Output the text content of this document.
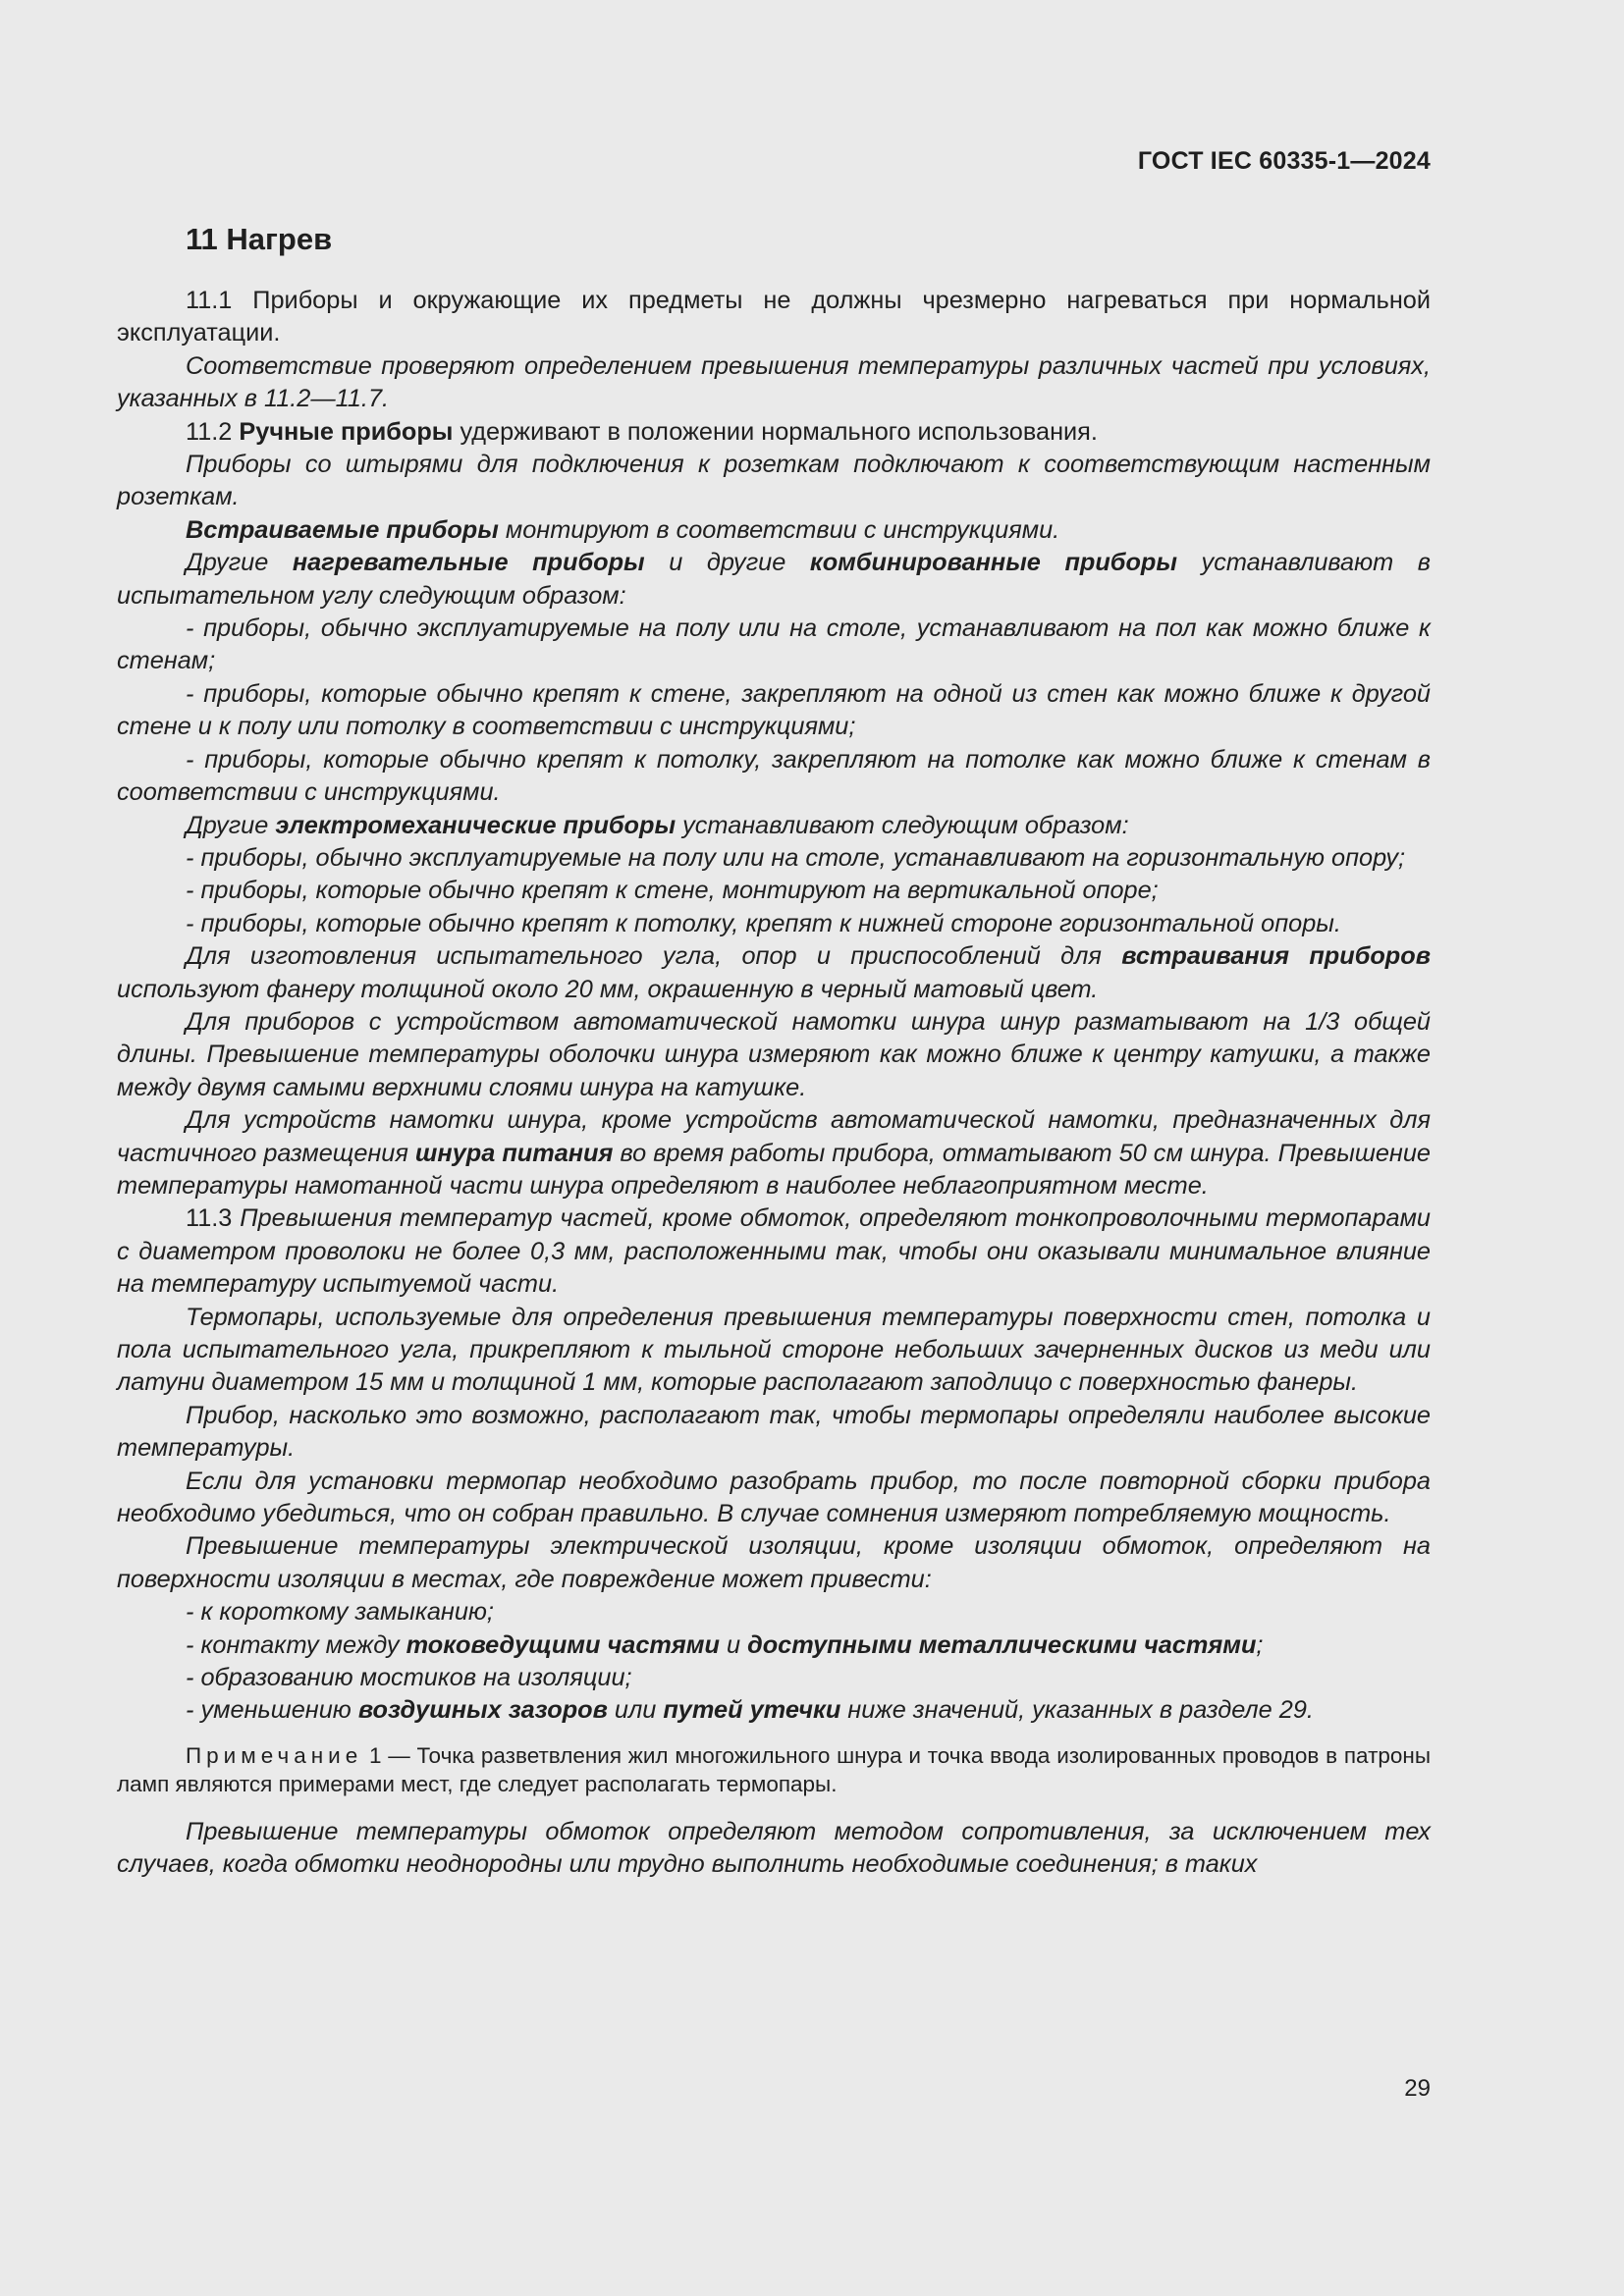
ГОСТ IEC 60335-1—2024
11 Нагрев

11.1 Приборы и окружающие их предметы не должны чрезмерно нагреваться при нормальной эксплуатации.

Соответствие проверяют определением превышения температуры различных частей при условиях, указанных в 11.2—11.7.

11.2 Ручные приборы удерживают в положении нормального использования.

Приборы со штырями для подключения к розеткам подключают к соответствующим настенным розеткам.

Встраиваемые приборы монтируют в соответствии с инструкциями.

Другие нагревательные приборы и другие комбинированные приборы устанавливают в испытательном углу следующим образом:

- приборы, обычно эксплуатируемые на полу или на столе, устанавливают на пол как можно ближе к стенам;

- приборы, которые обычно крепят к стене, закрепляют на одной из стен как можно ближе к другой стене и к полу или потолку в соответствии с инструкциями;

- приборы, которые обычно крепят к потолку, закрепляют на потолке как можно ближе к стенам в соответствии с инструкциями.

Другие электромеханические приборы устанавливают следующим образом:

- приборы, обычно эксплуатируемые на полу или на столе, устанавливают на горизонтальную опору;

- приборы, которые обычно крепят к стене, монтируют на вертикальной опоре;

- приборы, которые обычно крепят к потолку, крепят к нижней стороне горизонтальной опоры.

Для изготовления испытательного угла, опор и приспособлений для встраивания приборов используют фанеру толщиной около 20 мм, окрашенную в черный матовый цвет.

Для приборов с устройством автоматической намотки шнура шнур разматывают на 1/3 общей длины. Превышение температуры оболочки шнура измеряют как можно ближе к центру катушки, а также между двумя самыми верхними слоями шнура на катушке.

Для устройств намотки шнура, кроме устройств автоматической намотки, предназначенных для частичного размещения шнура питания во время работы прибора, отматывают 50 см шнура. Превышение температуры намотанной части шнура определяют в наиболее неблагоприятном месте.

11.3 Превышения температур частей, кроме обмоток, определяют тонкопроволочными термопарами с диаметром проволоки не более 0,3 мм, расположенными так, чтобы они оказывали минимальное влияние на температуру испытуемой части.

Термопары, используемые для определения превышения температуры поверхности стен, потолка и пола испытательного угла, прикрепляют к тыльной стороне небольших зачерненных дисков из меди или латуни диаметром 15 мм и толщиной 1 мм, которые располагают заподлицо с поверхностью фанеры.

Прибор, насколько это возможно, располагают так, чтобы термопары определяли наиболее высокие температуры.

Если для установки термопар необходимо разобрать прибор, то после повторной сборки прибора необходимо убедиться, что он собран правильно. В случае сомнения измеряют потребляемую мощность.

Превышение температуры электрической изоляции, кроме изоляции обмоток, определяют на поверхности изоляции в местах, где повреждение может привести:

- к короткому замыканию;

- контакту между токоведущими частями и доступными металлическими частями;

- образованию мостиков на изоляции;

- уменьшению воздушных зазоров или путей утечки ниже значений, указанных в разделе 29.

Примечание 1 — Точка разветвления жил многожильного шнура и точка ввода изолированных проводов в патроны ламп являются примерами мест, где следует располагать термопары.

Превышение температуры обмоток определяют методом сопротивления, за исключением тех случаев, когда обмотки неоднородны или трудно выполнить необходимые соединения; в таких

29
